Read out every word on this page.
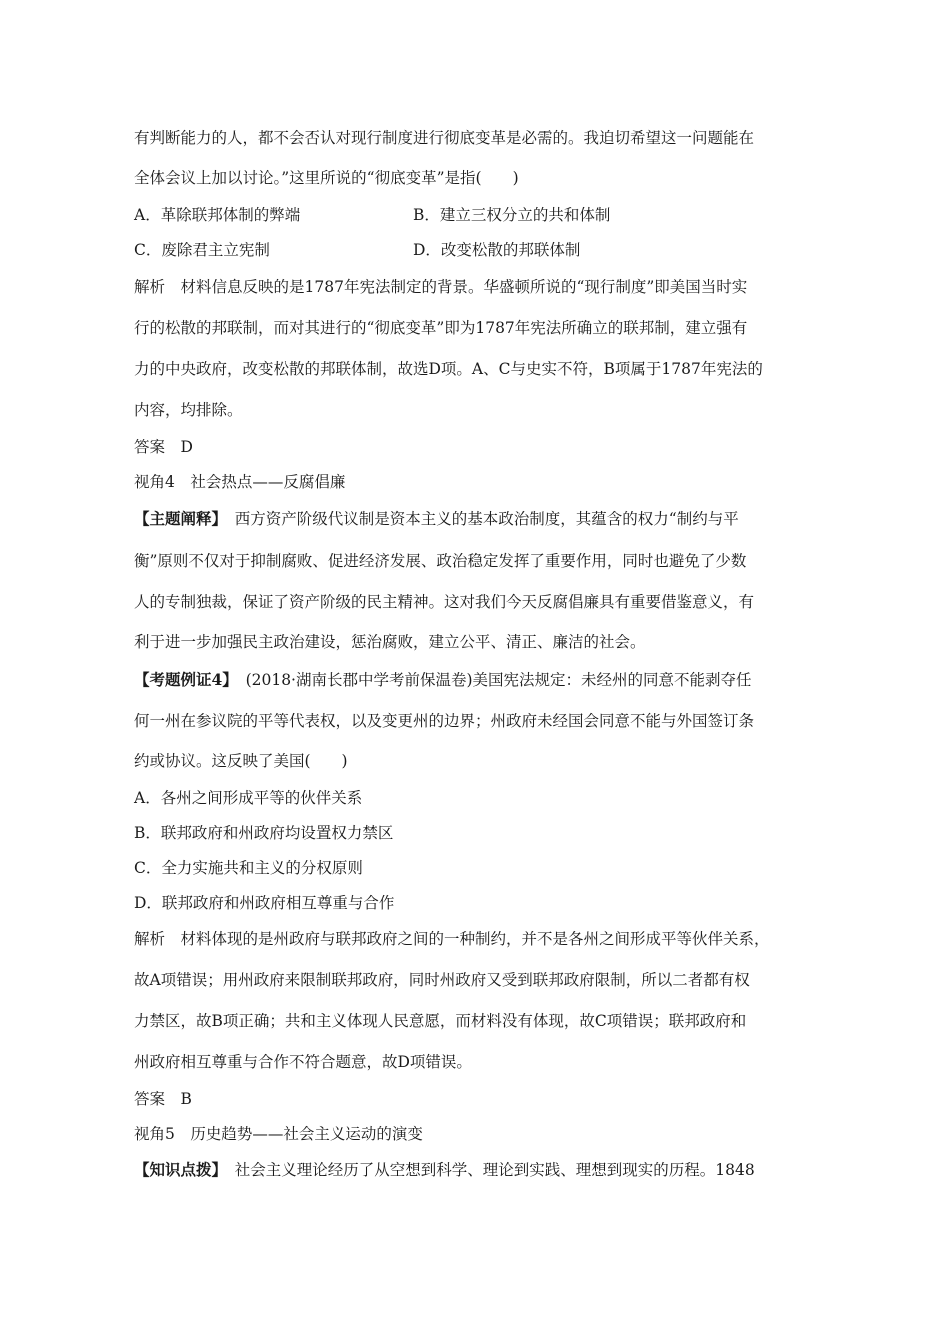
有判断能力的人，都不会否认对现行制度进行彻底变革是必需的。我迫切希望这一问题能在
全体会议上加以讨论。”这里所说的“彻底变革”是指(　　)
A．革除联邦体制的弊端	B．建立三权分立的共和体制
C．废除君主立宪制	D．改变松散的邦联体制
解析　材料信息反映的是1787年宪法制定的背景。华盛顿所说的“现行制度”即美国当时实
行的松散的邦联制，而对其进行的“彻底变革”即为1787年宪法所确立的联邦制，建立强有
力的中央政府，改变松散的邦联体制，故选D项。A、C与史实不符，B项属于1787年宪法的
内容，均排除。
答案　D
视角4　社会热点——反腐倡廉
【主题阐释】　 西方资产阶级代议制是资本主义的基本政治制度，其蕴含的权力“制约与平
衡”原则不仅对于抑制腐败、促进经济发展、政治稳定发挥了重要作用，同时也避免了少数
人的专制独裁，保证了资产阶级的民主精神。这对我们今天反腐倡廉具有重要借鉴意义，有
利于进一步加强民主政治建设，惩治腐败，建立公平、清正、廉洁的社会。
【考题例证4】　 (2018·湖南长郡中学考前保温卷)美国宪法规定：未经州的同意不能剥夺任
何一州在参议院的平等代表权，以及变更州的边界；州政府未经国会同意不能与外国签订条
约或协议。这反映了美国(　　)
A．各州之间形成平等的伙伴关系
B．联邦政府和州政府均设置权力禁区
C．全力实施共和主义的分权原则
D．联邦政府和州政府相互尊重与合作
解析　材料体现的是州政府与联邦政府之间的一种制约，并不是各州之间形成平等伙伴关系，
故A项错误；用州政府来限制联邦政府，同时州政府又受到联邦政府限制，所以二者都有权
力禁区，故B项正确；共和主义体现人民意愿，而材料没有体现，故C项错误；联邦政府和
州政府相互尊重与合作不符合题意，故D项错误。
答案　B
视角5　历史趋势——社会主义运动的演变
【知识点拨】　 社会主义理论经历了从空想到科学、理论到实践、理想到现实的历程。1848
